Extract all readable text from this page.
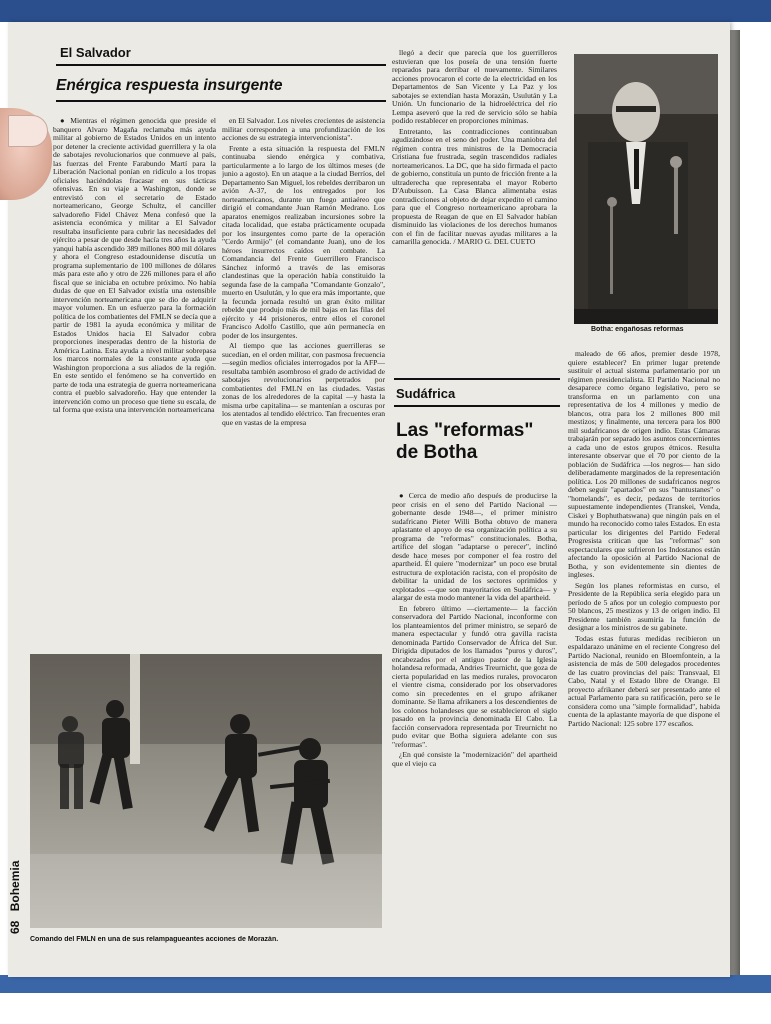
El Salvador
Enérgica respuesta insurgente

● Mientras el régimen genocida que preside el banquero Alvaro Magaña reclamaba más ayuda militar al gobierno de Estados Unidos en un intento por detener la creciente actividad guerrillera y la ola de sabotajes revolucionarios que conmueve al país, las fuerzas del Frente Farabundo Martí para la Liberación Nacional ponían en ridículo a los tropas oficiales haciéndolas fracasar en sus tácticas ofensivas. En su viaje a Washington, donde se entrevistó con el secretario de Estado norteamericano, George Schultz, el canciller salvadoreño Fidel Chávez Mena confesó que la asistencia económica y militar a El Salvador resultaba insuficiente para cubrir las necesidades del ejército a pesar de que desde hacía tres años la ayuda yanqui había ascendido 389 millones 800 mil dólares y ahora el Congreso estadounidense discutía un programa suplementario de 100 millones de dólares más para este año y otro de 226 millones para el año fiscal que se iniciaba en octubre próximo. No había dudas de que en El Salvador existía una ostensible intervención norteamericana que se dio de adquirir mayor volumen. En un esfuerzo para la formación política de los combatientes del FMLN se decía que a partir de 1981 la ayuda económica y militar de Estados Unidos hacia El Salvador cobra proporciones inesperadas dentro de la historia de América Latina. Esta ayuda a nivel militar sobrepasa los marcos normales de la constante ayuda que Washington proporciona a sus aliados de la región. En este sentido el fenómeno se ha convertido en parte de toda una estrategia de guerra norteamericana contra el pueblo salvadoreño. Hay que entender la intervención como un proceso que tiene su escala, de tal forma que exista una intervención norteamericana

en El Salvador. Los niveles crecientes de asistencia militar corresponden a una profundización de los acciones de su estrategia intervencionista".

Frente a esta situación la respuesta del FMLN continuaba siendo enérgica y combativa, particularmente a lo largo de los últimos meses (de junio a agosto). En un ataque a la ciudad Berríos, del Departamento San Miguel, los rebeldes derribaron un avión A-37, de los entregados por los norteamericanos, durante un fuego antiaéreo que dirigió el comandante Juan Ramón Medrano. Los aparatos enemigos realizaban incursiones sobre la citada localidad, que estaba prácticamente ocupada por los insurgentes como parte de la operación "Cerdo Armijo" (el comandante Juan), uno de los héroes insurrectos caídos en combate. La Comandancia del Frente Guerrillero Francisco Sánchez informó a través de las emisoras clandestinas que la operación había constituido la segunda fase de la campaña "Comandante Gonzalo", muerto en Usulután, y lo que era más importante, que la fecunda jornada resultó un gran éxito militar rebelde que produjo más de mil bajas en las filas del ejército y 44 prisioneros, entre ellos el coronel Francisco Adolfo Castillo, que aún permanecía en poder de los insurgentes.

Al tiempo que las acciones guerrilleras se sucedían, en el orden militar, con pasmosa frecuencia —según medios oficiales interrogados por la AFP— resultaba también asombroso el grado de actividad de sabotajes revolucionarios perpetrados por combatientes del FMLN en las ciudades. Vastas zonas de los alrededores de la capital —y hasta la misma urbe capitalina— se mantenían a oscuras por los atentados al tendido eléctrico. Tan frecuentes eran que en vastas de la empresa

llegó a decir que parecía que los guerrilleros estuvieran que los poseía de una tensión fuerte reparados para derribar el nuevamente. Similares acciones provocaron el corte de la electricidad en los Departamentos de San Vicente y La Paz y los sabotajes se extendían hasta Morazán, Usulután y La Unión. Un funcionario de la hidroeléctrica del río Lempa aseveró que la red de servicio sólo se había podido restablecer en proporciones mínimas.

Entretanto, las contradicciones continuaban agudizándose en el seno del poder. Una maniobra del régimen contra tres ministros de la Democracia Cristiana fue frustrada, según trascendidos radiales norteamericanos. La DC, que ha sido firmada el pacto de gobierno, constituía un punto de fricción frente a la ultraderecha que representaba el mayor Roberto D'Aubuisson. La Casa Blanca alimentaba estas contradicciones al objeto de dejar expedito el camino para que el Congreso norteamericano aprobara la propuesta de Reagan de que en El Salvador habían disminuido las violaciones de los derechos humanos con el fin de facilitar nuevas ayudas militares a la camarilla genocida. / MARIO G. DEL CUETO

Comando del FMLN en una de sus relampagueantes acciones de Morazán.
68 Bohemia
Botha: engañosas reformas
Sudáfrica
Las "reformas"
de Botha

● Cerca de medio año después de producirse la peor crisis en el seno del Partido Nacional —gobernante desde 1948—, el primer ministro sudafricano Pieter Willi Botha obtuvo de manera aplastante el apoyo de esa organización política a su programa de "reformas" constitucionales. Botha, artífice del slogan "adaptarse o perecer", inclinó desde hace meses por componer el fea rostro del apartheid. Él quiere "modernizar" un poco ese brutal estructura de explotación racista, con el propósito de debilitar la unidad de los sectores oprimidos y explotados —que son mayoritarios en Sudáfrica— y alargar de esta modo mantener la vida del apartheid.

En febrero último —ciertamente— la facción conservadora del Partido Nacional, inconforme con los planteamientos del primer ministro, se separó de manera espectacular y fundó otra gavilla racista denominada Partido Conservador de África del Sur. Dirigida diputados de los llamados "puros y duros", encabezados por el antiguo pastor de la Iglesia holandesa reformada, Andries Treurnicht, que goza de cierta popularidad en las medios rurales, provocaron el vientre cisma, considerado por los observadores como sin precedentes en el grupo afrikaner dominante. Se llama afrikaners a los descendientes de los colonos holandeses que se establecieron el siglo pasado en la provincia denominada El Cabo. La facción conservadora representada por Treurnicht no pudo evitar que Botha siguiera adelante con sus "reformas".

¿En qué consiste la "modernización" del apartheid que el viejo ca

maleado de 66 años, premier desde 1978, quiere establecer? En primer lugar pretende sustituir el actual sistema parlamentario por un régimen presidencialista. El Partido Nacional no desaparece como órgano legislativo, pero se transforma en un parlamento con una representativa de los 4 millones y medio de blancos, otra para los 2 millones 800 mil mestizos; y finalmente, una tercera para los 800 mil sudafricanos de origen indio. Estas Cámaras trabajarán por separado los asuntos concernientes a cada uno de estos grupos étnicos. Resulta interesante observar que el 70 por ciento de la población de Sudáfrica —los negros— han sido deliberadamente marginados de la representación política. Los 20 millones de sudafricanos negros deben seguir "apartados" en sus "bantustanes" o "homelands", es decir, pedazos de territorios supuestamente independientes (Transkei, Venda, Ciskei y Bophuthatswana) que ningún país en el mundo ha reconocido como tales Estados. En esta particular los dirigentes del Partido Federal Progresista critican que las "reformas" son espectaculares que sufrieron los Indostanos están afectando la oposición al Partido Nacional de Botha, y son evidentemente sin dientes de ingleses.

Según los planes reformistas en curso, el Presidente de la República sería elegido para un período de 5 años por un colegio compuesto por 50 blancos, 25 mestizos y 13 de origen indio. El Presidente también asumiría la función de designar a los ministros de su gabinete.

Todas estas futuras medidas recibieron un espaldarazo unánime en el reciente Congreso del Partido Nacional, reunido en Bloemfontein, a la asistencia de más de 500 delegados procedentes de las cuatro provincias del país: Transvaal, El Cabo, Natal y el Estado libre de Orange. El proyecto afrikaner deberá ser presentado ante el actual Parlamento para su ratificación, pero se le considera como una "simple formalidad", habida cuenta de la aplastante mayoría de que dispone el Partido Nacional: 125 sobre 177 escaños.
